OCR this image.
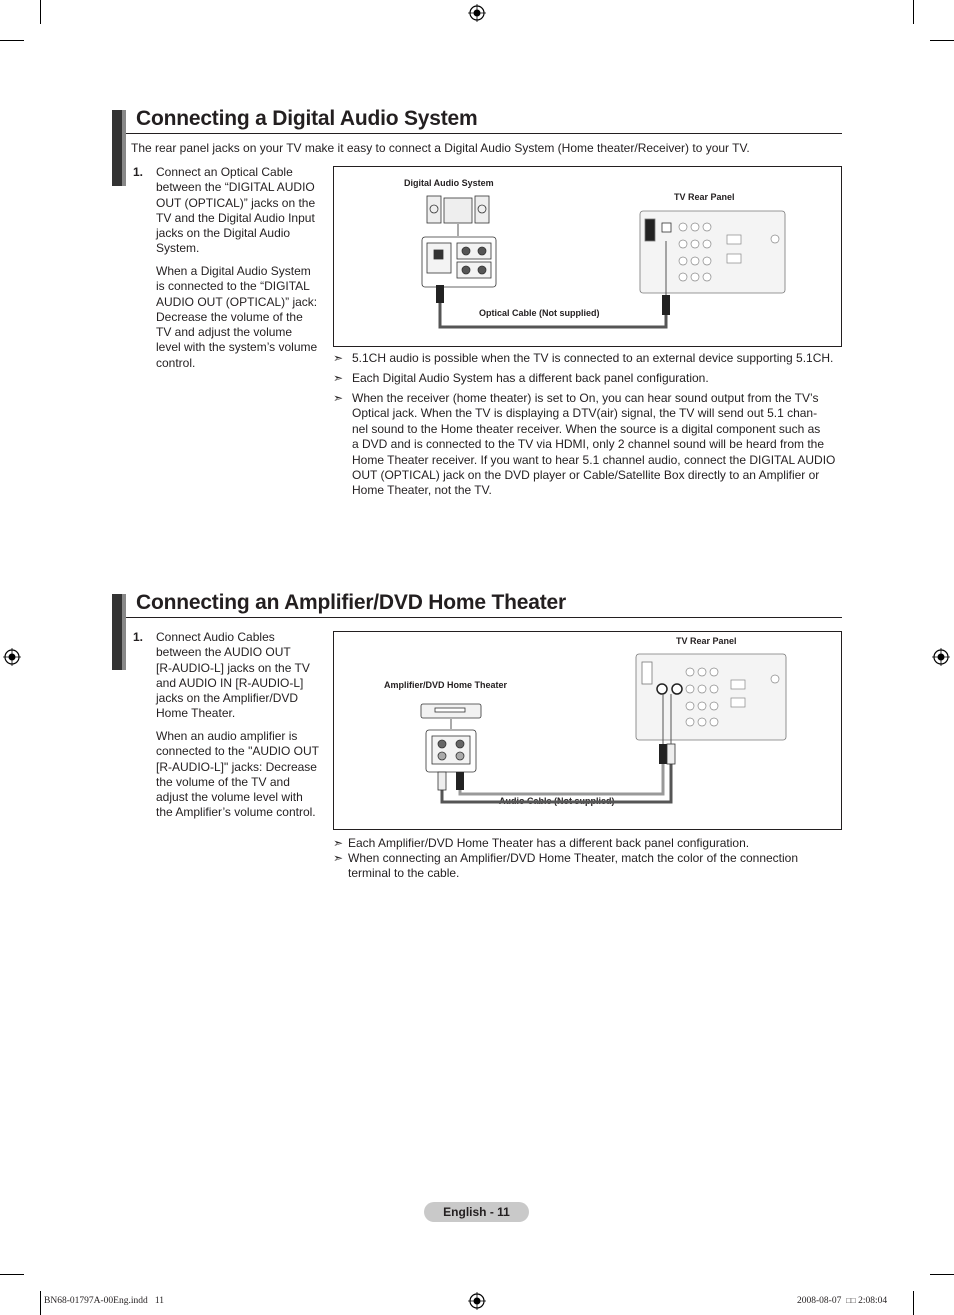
Connecting a Digital Audio System
The rear panel jacks on your TV make it easy to connect a Digital Audio System (Home theater/Receiver) to your TV.
1. Connect an Optical Cable
between the “DIGITAL AUDIO
OUT (OPTICAL)” jacks on the
TV and the Digital Audio Input
jacks on the Digital Audio
System.
When a Digital Audio System
is connected to the “DIGITAL
AUDIO OUT (OPTICAL)” jack:
Decrease the volume of the
TV and adjust the volume
level with the system’s volume
control.
Digital Audio System
TV Rear Panel
Optical Cable (Not supplied)
➣ 5.1CH audio is possible when the TV is connected to an external device supporting 5.1CH.
➣ Each Digital Audio System has a different back panel configuration.
➣ When the receiver (home theater) is set to On, you can hear sound output from the TV’s
Optical jack. When the TV is displaying a DTV(air) signal, the TV will send out 5.1 chan-
nel sound to the Home theater receiver. When the source is a digital component such as
a DVD and is connected to the TV via HDMI, only 2 channel sound will be heard from the
Home Theater receiver. If you want to hear 5.1 channel audio, connect the DIGITAL AUDIO
OUT (OPTICAL) jack on the DVD player or Cable/Satellite Box directly to an Amplifier or
Home Theater, not the TV.
Connecting an Amplifier/DVD Home Theater
1. Connect Audio Cables
between the AUDIO OUT
[R-AUDIO-L] jacks on the TV
and AUDIO IN [R-AUDIO-L]
jacks on the Amplifier/DVD
Home Theater.
When an audio amplifier is
connected to the "AUDIO OUT
[R-AUDIO-L]" jacks: Decrease
the volume of the TV and
adjust the volume level with
the Amplifier’s volume control.
TV Rear Panel
Amplifier/DVD Home Theater
Audio Cable (Not supplied)
➣ Each Amplifier/DVD Home Theater has a different back panel configuration.
➣ When connecting an Amplifier/DVD Home Theater, match the color of the connection
terminal to the cable.
English - 11
BN68-01797A-00Eng.indd   11	2008-08-07 □□ 2:08:04
